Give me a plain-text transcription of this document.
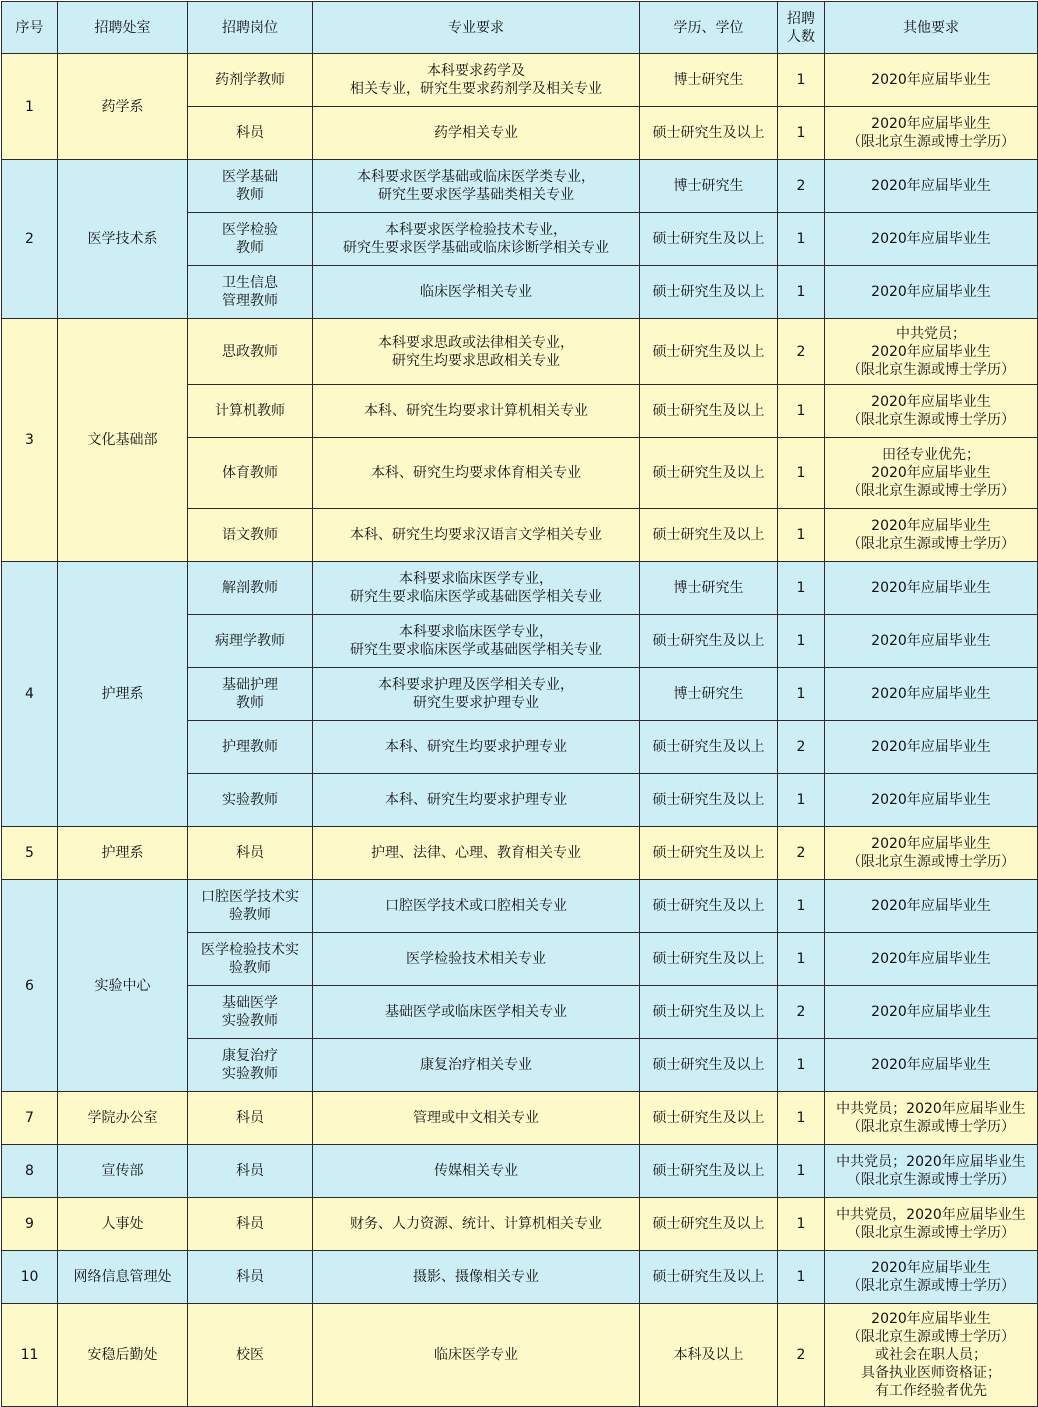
序号	招聘处室	招聘岗位	专业要求	学历、学位	招聘
人数	其他要求
1	药学系	药剂学教师	本科要求药学及
相关专业，研究生要求药剂学及相关专业	博士研究生	1	2020年应届毕业生
		科员	药学相关专业	硕士研究生及以上	1	2020年应届毕业生
（限北京生源或博士学历）
2	医学技术系	医学基础
教师	本科要求医学基础或临床医学类专业，
研究生要求医学基础类相关专业	博士研究生	2	2020年应届毕业生
		医学检验
教师	本科要求医学检验技术专业，
研究生要求医学基础或临床诊断学相关专业	硕士研究生及以上	1	2020年应届毕业生
		卫生信息
管理教师	临床医学相关专业	硕士研究生及以上	1	2020年应届毕业生
3	文化基础部	思政教师	本科要求思政或法律相关专业，
研究生均要求思政相关专业	硕士研究生及以上	2	中共党员；
2020年应届毕业生
（限北京生源或博士学历）
		计算机教师	本科、研究生均要求计算机相关专业	硕士研究生及以上	1	2020年应届毕业生
（限北京生源或博士学历）
		体育教师	本科、研究生均要求体育相关专业	硕士研究生及以上	1	田径专业优先；
2020年应届毕业生
（限北京生源或博士学历）
		语文教师	本科、研究生均要求汉语言文学相关专业	硕士研究生及以上	1	2020年应届毕业生
（限北京生源或博士学历）
4	护理系	解剖教师	本科要求临床医学专业，
研究生要求临床医学或基础医学相关专业	博士研究生	1	2020年应届毕业生
		病理学教师	本科要求临床医学专业，
研究生要求临床医学或基础医学相关专业	硕士研究生及以上	1	2020年应届毕业生
		基础护理
教师	本科要求护理及医学相关专业，
研究生要求护理专业	博士研究生	1	2020年应届毕业生
		护理教师	本科、研究生均要求护理专业	硕士研究生及以上	2	2020年应届毕业生
		实验教师	本科、研究生均要求护理专业	硕士研究生及以上	1	2020年应届毕业生
5	护理系	科员	护理、法律、心理、教育相关专业	硕士研究生及以上	2	2020年应届毕业生
（限北京生源或博士学历）
6	实验中心	口腔医学技术实
验教师	口腔医学技术或口腔相关专业	硕士研究生及以上	1	2020年应届毕业生
		医学检验技术实
验教师	医学检验技术相关专业	硕士研究生及以上	1	2020年应届毕业生
		基础医学
实验教师	基础医学或临床医学相关专业	硕士研究生及以上	2	2020年应届毕业生
		康复治疗
实验教师	康复治疗相关专业	硕士研究生及以上	1	2020年应届毕业生
7	学院办公室	科员	管理或中文相关专业	硕士研究生及以上	1	中共党员；2020年应届毕业生
（限北京生源或博士学历）
8	宣传部	科员	传媒相关专业	硕士研究生及以上	1	中共党员；2020年应届毕业生
（限北京生源或博士学历）
9	人事处	科员	财务、人力资源、统计、计算机相关专业	硕士研究生及以上	1	中共党员，2020年应届毕业生
（限北京生源或博士学历）
10	网络信息管理处	科员	摄影、摄像相关专业	硕士研究生及以上	1	2020年应届毕业生
（限北京生源或博士学历）
11	安稳后勤处	校医	临床医学专业	本科及以上	2	2020年应届毕业生
（限北京生源或博士学历）
或社会在职人员；
具备执业医师资格证；
有工作经验者优先
